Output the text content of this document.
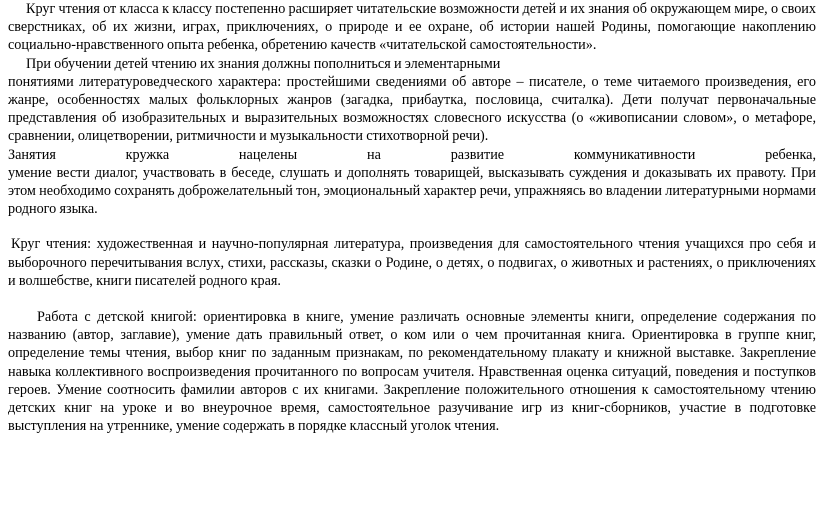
Круг чтения от класса к классу постепенно расширяет читательские возможности детей и их знания об окружающем мире, о своих сверстниках, об их жизни, играх, приключениях, о природе и ее охране, об истории нашей Родины, помогающие накоплению социально-нравственного опыта ребенка, обретению качеств «читательской самостоятельности».

При обучении детей чтению их знания должны пополниться и элементарными

понятиями литературоведческого характера: простейшими сведениями об авторе – писателе, о теме читаемого произведения, его жанре, особенностях малых фольклорных жанров (загадка, прибаутка, пословица, считалка). Дети получат первоначальные представления об изобразительных и выразительных возможностях словесного искусства (о «живописании словом», о метафоре, сравнении, олицетворении, ритмичности и музыкальности стихотворной речи).

Занятия кружка нацелены на развитие коммуникативности ребенка,

умение вести диалог, участвовать в беседе, слушать и дополнять товарищей, высказывать суждения и доказывать их правоту. При этом необходимо сохранять доброжелательный тон, эмоциональный характер речи, упражняясь во владении литературными нормами родного языка.

Круг чтения: художественная и научно-популярная литература, произведения для самостоятельного чтения учащихся про себя и выборочного перечитывания вслух, стихи, рассказы, сказки о Родине, о детях, о подвигах, о животных и растениях, о приключениях и волшебстве, книги писателей родного края.

Работа с детской книгой: ориентировка в книге, умение различать основные элементы книги, определение содержания по названию (автор, заглавие), умение дать правильный ответ, о ком или о чем прочитанная книга. Ориентировка в группе книг, определение темы чтения, выбор книг по заданным признакам, по рекомендательному плакату и книжной выставке. Закрепление навыка коллективного воспроизведения прочитанного по вопросам учителя. Нравственная оценка ситуаций, поведения и поступков героев. Умение соотносить фамилии авторов с их книгами. Закрепление положительного отношения к самостоятельному чтению детских книг на уроке и во внеурочное время, самостоятельное разучивание игр из книг-сборников, участие в подготовке выступления на утреннике, умение содержать в порядке классный уголок чтения.
